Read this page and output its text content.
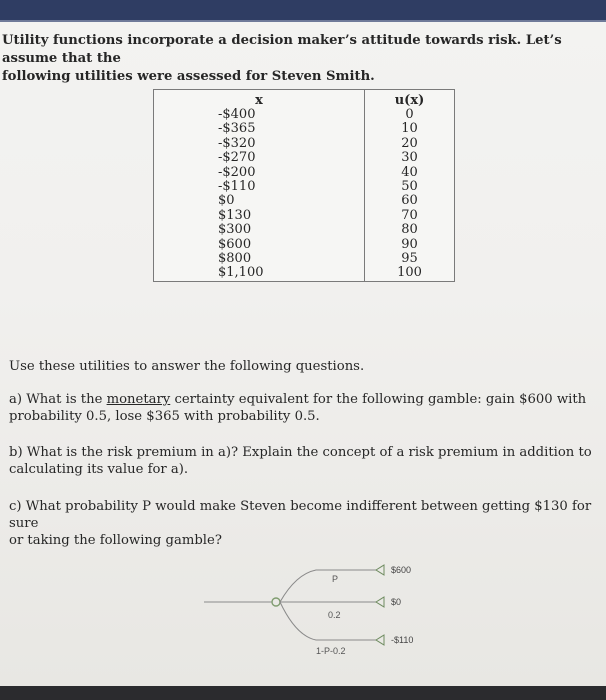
Utility functions incorporate a decision maker’s attitude towards risk. Let’s assume that the
following utilities were assessed for Steven Smith.
x	u(x)
-$400	0
-$365	10
-$320	20
-$270	30
-$200	40
-$110	50
$0	60
$130	70
$300	80
$600	90
$800	95
$1,100	100
Use these utilities to answer the following questions.
a) What is the monetary certainty equivalent for the following gamble: gain $600 with
probability 0.5, lose $365 with probability 0.5.
b) What is the risk premium in a)? Explain the concept of a risk premium in addition to
calculating its value for a).
c) What probability P would make Steven become indifferent between getting $130 for sure
or taking the following gamble?
P
0.2
1-P-0.2
$600
$0
-$110
